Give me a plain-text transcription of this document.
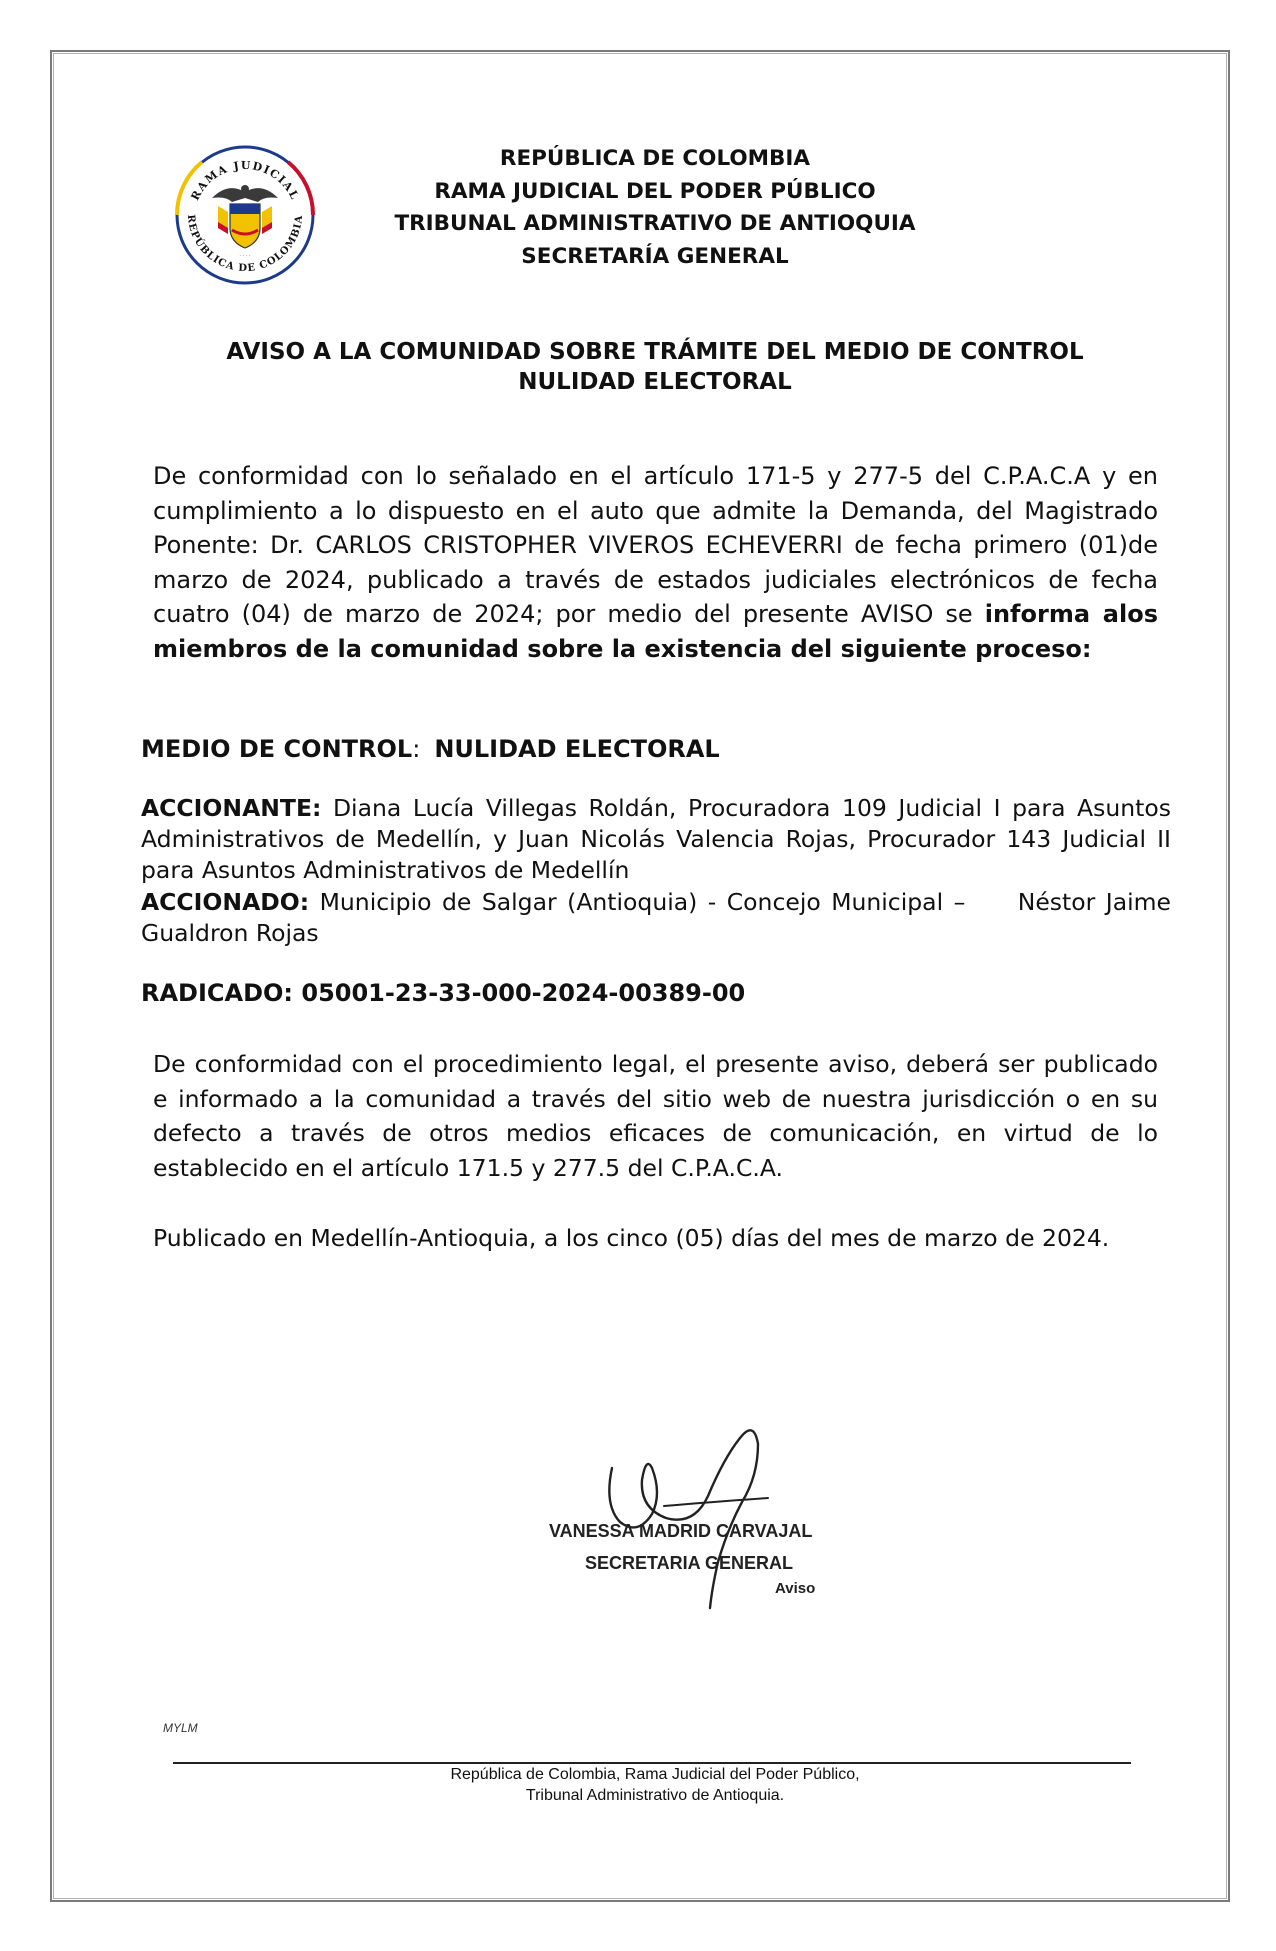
RAMA JUDICIAL
REPÚBLICA DE COLOMBIA
· · · ·
REPÚBLICA DE COLOMBIA
RAMA JUDICIAL DEL PODER PÚBLICO
TRIBUNAL ADMINISTRATIVO DE ANTIOQUIA
SECRETARÍA GENERAL
AVISO A LA COMUNIDAD SOBRE TRÁMITE DEL MEDIO DE CONTROL
NULIDAD ELECTORAL
De conformidad con lo señalado en el artículo 171-5 y 277-5 del C.P.A.C.A y en cumplimiento a lo dispuesto en el auto que admite la Demanda, del Magistrado Ponente: Dr. CARLOS CRISTOPHER VIVEROS ECHEVERRI de fecha primero (01)de marzo de 2024, publicado a través de estados judiciales electrónicos de fecha cuatro (04) de marzo de 2024; por medio del presente AVISO se informa alos miembros de la comunidad sobre la existencia del siguiente proceso:
MEDIO DE CONTROL: NULIDAD ELECTORAL
ACCIONANTE: Diana Lucía Villegas Roldán, Procuradora 109 Judicial I para Asuntos Administrativos de Medellín, y Juan Nicolás Valencia Rojas, Procurador 143 Judicial II para Asuntos Administrativos de Medellín
ACCIONADO: Municipio de Salgar (Antioquia) - Concejo Municipal –     Néstor Jaime Gualdron Rojas
RADICADO: 05001-23-33-000-2024-00389-00
De conformidad con el procedimiento legal, el presente aviso, deberá ser publicado e informado a la comunidad a través del sitio web de nuestra jurisdicción o en su defecto a través de otros medios eficaces de comunicación, en virtud de lo establecido en el artículo 171.5 y 277.5 del C.P.A.C.A.
Publicado en Medellín-Antioquia, a los cinco (05) días del mes de marzo de 2024.
VANESSA MADRID CARVAJAL
SECRETARIA GENERAL
Aviso
MYLM
República de Colombia, Rama Judicial del Poder Público,
Tribunal Administrativo de Antioquia.
